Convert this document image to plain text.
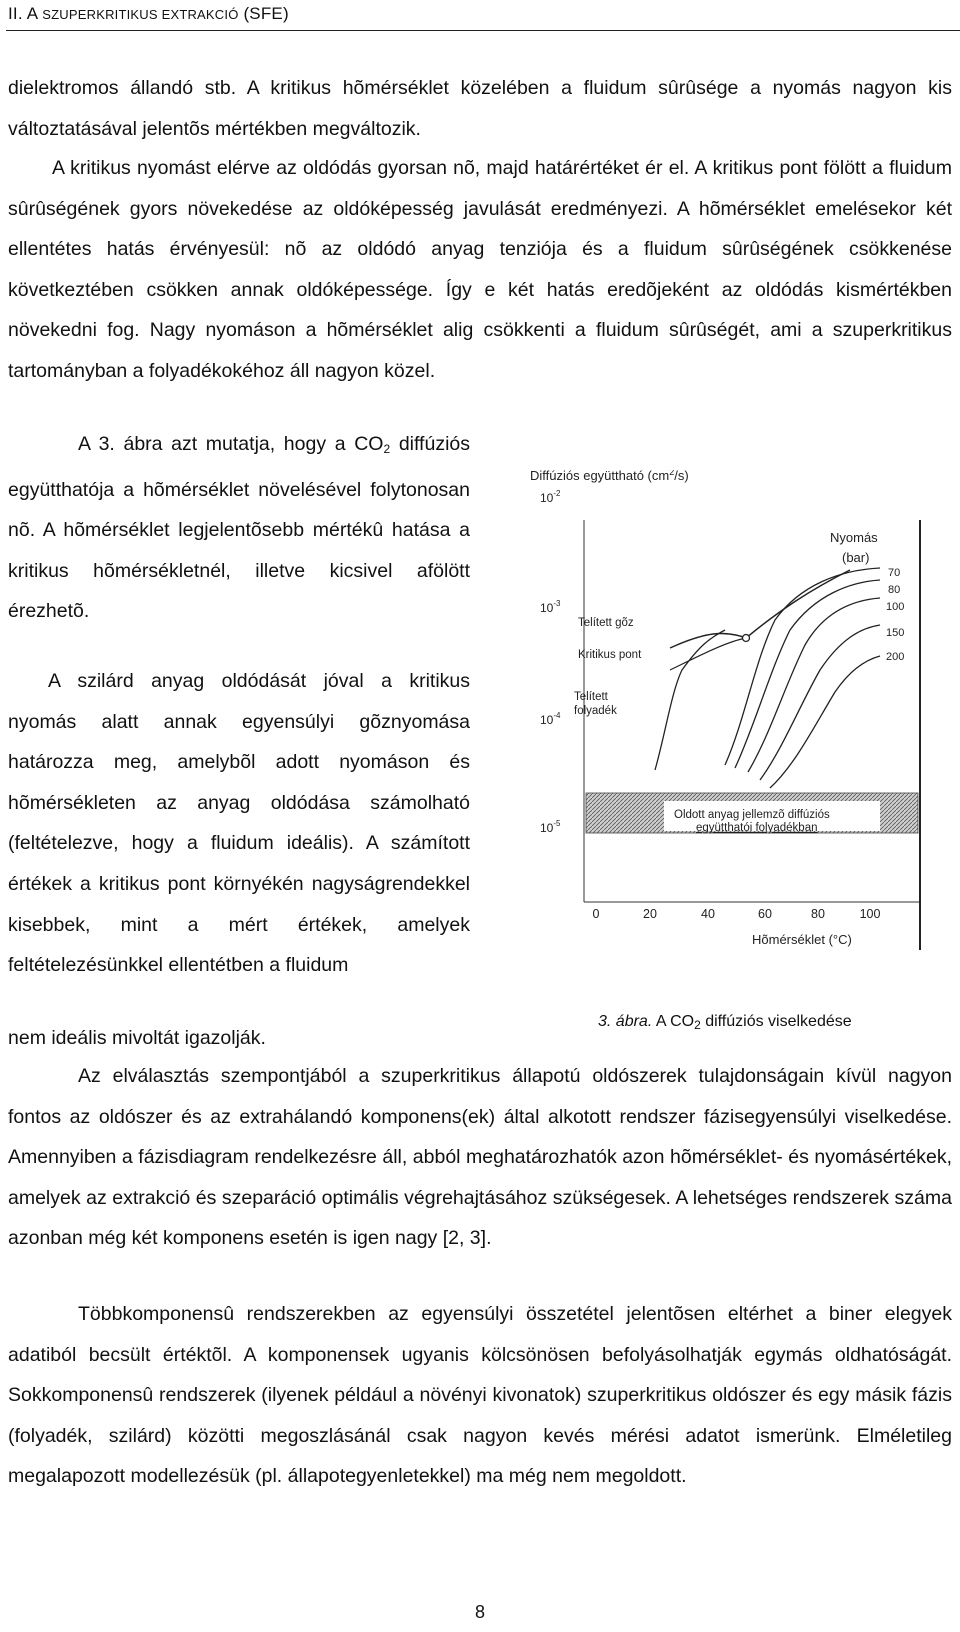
II. A SZUPERKRITIKUS EXTRAKCIÓ (SFE)

dielektromos állandó stb. A kritikus hõmérséklet közelében a fluidum sûrûsége a nyomás nagyon kis változtatásával jelentõs mértékben megváltozik.

A kritikus nyomást elérve az oldódás gyorsan nõ, majd határértéket ér el. A kritikus pont fölött a fluidum sûrûségének gyors növekedése az oldóképesség javulását eredményezi. A hõmérséklet emelésekor két ellentétes hatás érvényesül: nõ az oldódó anyag tenziója és a fluidum sûrûségének csökkenése következtében csökken annak oldóképessége. Így e két hatás eredõjeként az oldódás kismértékben növekedni fog. Nagy nyomáson a hõmérséklet alig csökkenti a fluidum sûrûségét, ami a szuperkritikus tartományban a folyadékokéhoz áll nagyon közel.

A 3. ábra azt mutatja, hogy a $CO_2$ diffúziós együtthatója a hõmérséklet növelésével folytonosan nõ. A hõmérséklet legjelentõsebb mértékû hatása a kritikus hõmérsékletnél, illetve kicsivel afölött érezhetõ.

A szilárd anyag oldódását jóval a kritikus nyomás alatt annak egyensúlyi gõznyomása határozza meg, amelybõl adott nyomáson és hõmérsékleten az anyag oldódása számolható (feltételezve, hogy a fluidum ideális). A számított értékek a kritikus pont környékén nagyságrendekkel kisebbek, mint a mért értékek, amelyek feltételezésünkkel ellentétben a fluidum

nem ideális mivoltát igazolják.

Az elválasztás szempontjából a szuperkritikus állapotú oldószerek tulajdonságain kívül nagyon fontos az oldószer és az extrahálandó komponens(ek) által alkotott rendszer fázisegyensúlyi viselkedése. Amennyiben a fázisdiagram rendelkezésre áll, abból meghatározhatók azon hõmérséklet- és nyomásértékek, amelyek az extrakció és szeparáció optimális végrehajtásához szükségesek. A lehetséges rendszerek száma azonban még két komponens esetén is igen nagy [2, 3].

Többkomponensû rendszerekben az egyensúlyi összetétel jelentõsen eltérhet a biner elegyek adatiból becsült értéktõl. A komponensek ugyanis kölcsönösen befolyásolhatják egymás oldhatóságát. Sokkomponensû rendszerek (ilyenek például a növényi kivonatok) szuperkritikus oldószer és egy másik fázis (folyadék, szilárd) közötti megoszlásánál csak nagyon kevés mérési adatot ismerünk. Elméletileg megalapozott modellezésük (pl. állapotegyenletekkel) ma még nem megoldott.

Diffúziós együttható $(cm^2/s)$
$10^{-2}$
$10^{-3}$
$10^{-4}$
$10^{-5}$
Oldott anyag jellemzõ diffúziós
együtthatói folyadékban
Telített gõz
Kritikus pont
Telített
folyadék
Nyomás
(bar)
70
80
100
150
200
0	20	40	60	80	100
Hõmérséklet (°C)
3. ábra. A $CO_2$ diffúziós viselkedése
8
